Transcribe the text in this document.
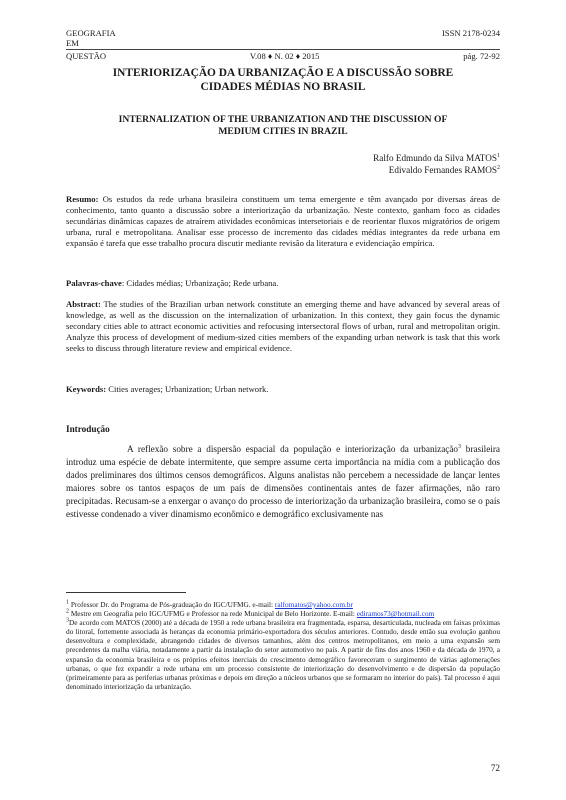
GEOGRAFIA	ISSN 2178-0234
EM
QUESTÃO	V.08 ♦ N. 02 ♦ 2015	pág. 72-92
INTERIORIZAÇÃO DA URBANIZAÇÃO E A DISCUSSÃO SOBRE
CIDADES MÉDIAS NO BRASIL
INTERNALIZATION OF THE URBANIZATION AND THE DISCUSSION OF
MEDIUM CITIES IN BRAZIL
Ralfo Edmundo da Silva MATOS$^1$
Edivaldo Fernandes RAMOS$^2$
Resumo: Os estudos da rede urbana brasileira constituem um tema emergente e têm avançado por diversas áreas de conhecimento, tanto quanto a discussão sobre a interiorização da urbanização. Neste contexto, ganham foco as cidades secundárias dinâmicas capazes de atraírem atividades econômicas intersetoriais e de reorientar fluxos migratórios de origem urbana, rural e metropolitana. Analisar esse processo de incremento das cidades médias integrantes da rede urbana em expansão é tarefa que esse trabalho procura discutir mediante revisão da literatura e evidenciação empírica.
Palavras-chave: Cidades médias; Urbanização; Rede urbana.
Abstract: The studies of the Brazilian urban network constitute an emerging theme and have advanced by several areas of knowledge, as well as the discussion on the internalization of urbanization. In this context, they gain focus the dynamic secondary cities able to attract economic activities and refocusing intersectoral flows of urban, rural and metropolitan origin. Analyze this process of development of medium-sized cities members of the expanding urban network is task that this work seeks to discuss through literature review and empirical evidence.
Keywords: Cities averages; Urbanization; Urban network.
Introdução
A reflexão sobre a dispersão espacial da população e interiorização da urbanização$^3$ brasileira introduz uma espécie de debate intermitente, que sempre assume certa importância na mídia com a publicação dos dados preliminares dos últimos censos demográficos. Alguns analistas não percebem a necessidade de lançar lentes maiores sobre os tantos espaços de um país de dimensões continentais antes de fazer afirmações, não raro precipitadas. Recusam-se a enxergar o avanço do processo de interiorização da urbanização brasileira, como se o país estivesse condenado a viver dinamismo econômico e demográfico exclusivamente nas

$^1$ Professor Dr. do Programa de Pós-graduação do IGC/UFMG. e-mail: ralfomatos@yahoo.com.br

$^2$ Mestre em Geografia pelo IGC/UFMG e Professor na rede Municipal de Belo Horizonte. E-mail: ediramos73@hotmail.com

$^3$De acordo com MATOS (2000) até a década de 1950 a rede urbana brasileira era fragmentada, esparsa, desarticulada, nucleada em faixas próximas do litoral, fortemente associada às heranças da economia primário-exportadora dos séculos anteriores. Contudo, desde então sua evolução ganhou desenvoltura e complexidade, abrangendo cidades de diversos tamanhos, além dos centros metropolitanos, em meio a uma expansão sem precedentes da malha viária, notadamente a partir da instalação do setor automotivo no país. A partir de fins dos anos 1960 e da década de 1970, a expansão da economia brasileira e os próprios efeitos inerciais do crescimento demográfico favoreceram o surgimento de várias aglomerações urbanas, o que fez expandir a rede urbana em um processo consistente de interiorização do desenvolvimento e de dispersão da população (primeiramente para as periferias urbanas próximas e depois em direção a núcleos urbanos que se formaram no interior do país). Tal processo é aqui denominado interiorização da urbanização.

72
